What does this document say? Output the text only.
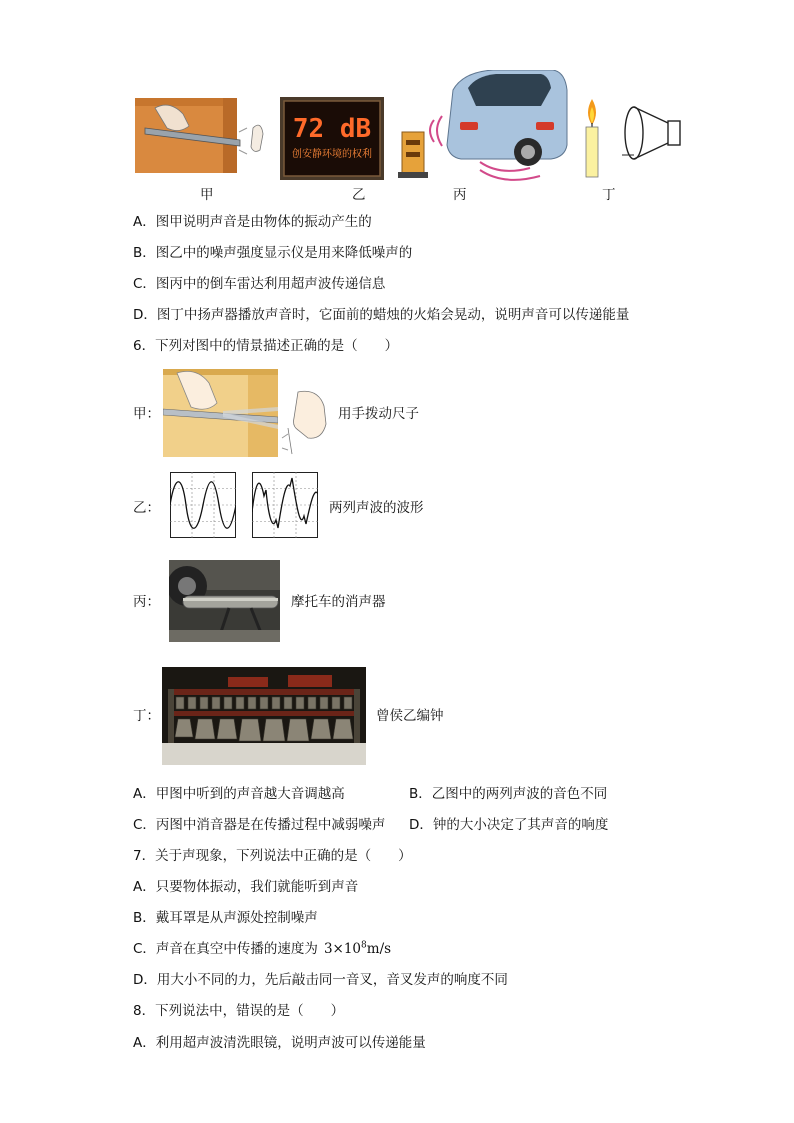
甲
72 dB
创安静环境的权利
乙	丙	丁
A．图甲说明声音是由物体的振动产生的
B．图乙中的噪声强度显示仪是用来降低噪声的
C．图丙中的倒车雷达利用超声波传递信息
D．图丁中扬声器播放声音时，它面前的蜡烛的火焰会晃动，说明声音可以传递能量
6．下列对图中的情景描述正确的是（　　）
甲：	用手拨动尺子
乙：	两列声波的波形
丙：	摩托车的消声器
丁：	曾侯乙编钟
A．甲图中听到的声音越大音调越高	B．乙图中的两列声波的音色不同
C．丙图中消音器是在传播过程中减弱噪声 D．钟的大小决定了其声音的响度
7．关于声现象，下列说法中正确的是（　　）
A．只要物体振动，我们就能听到声音
B．戴耳罩是从声源处控制噪声
C．声音在真空中传播的速度为 $3\times 10^8m/s$
D．用大小不同的力，先后敲击同一音叉，音叉发声的响度不同
8．下列说法中，错误的是（　　）
A．利用超声波清洗眼镜，说明声波可以传递能量
